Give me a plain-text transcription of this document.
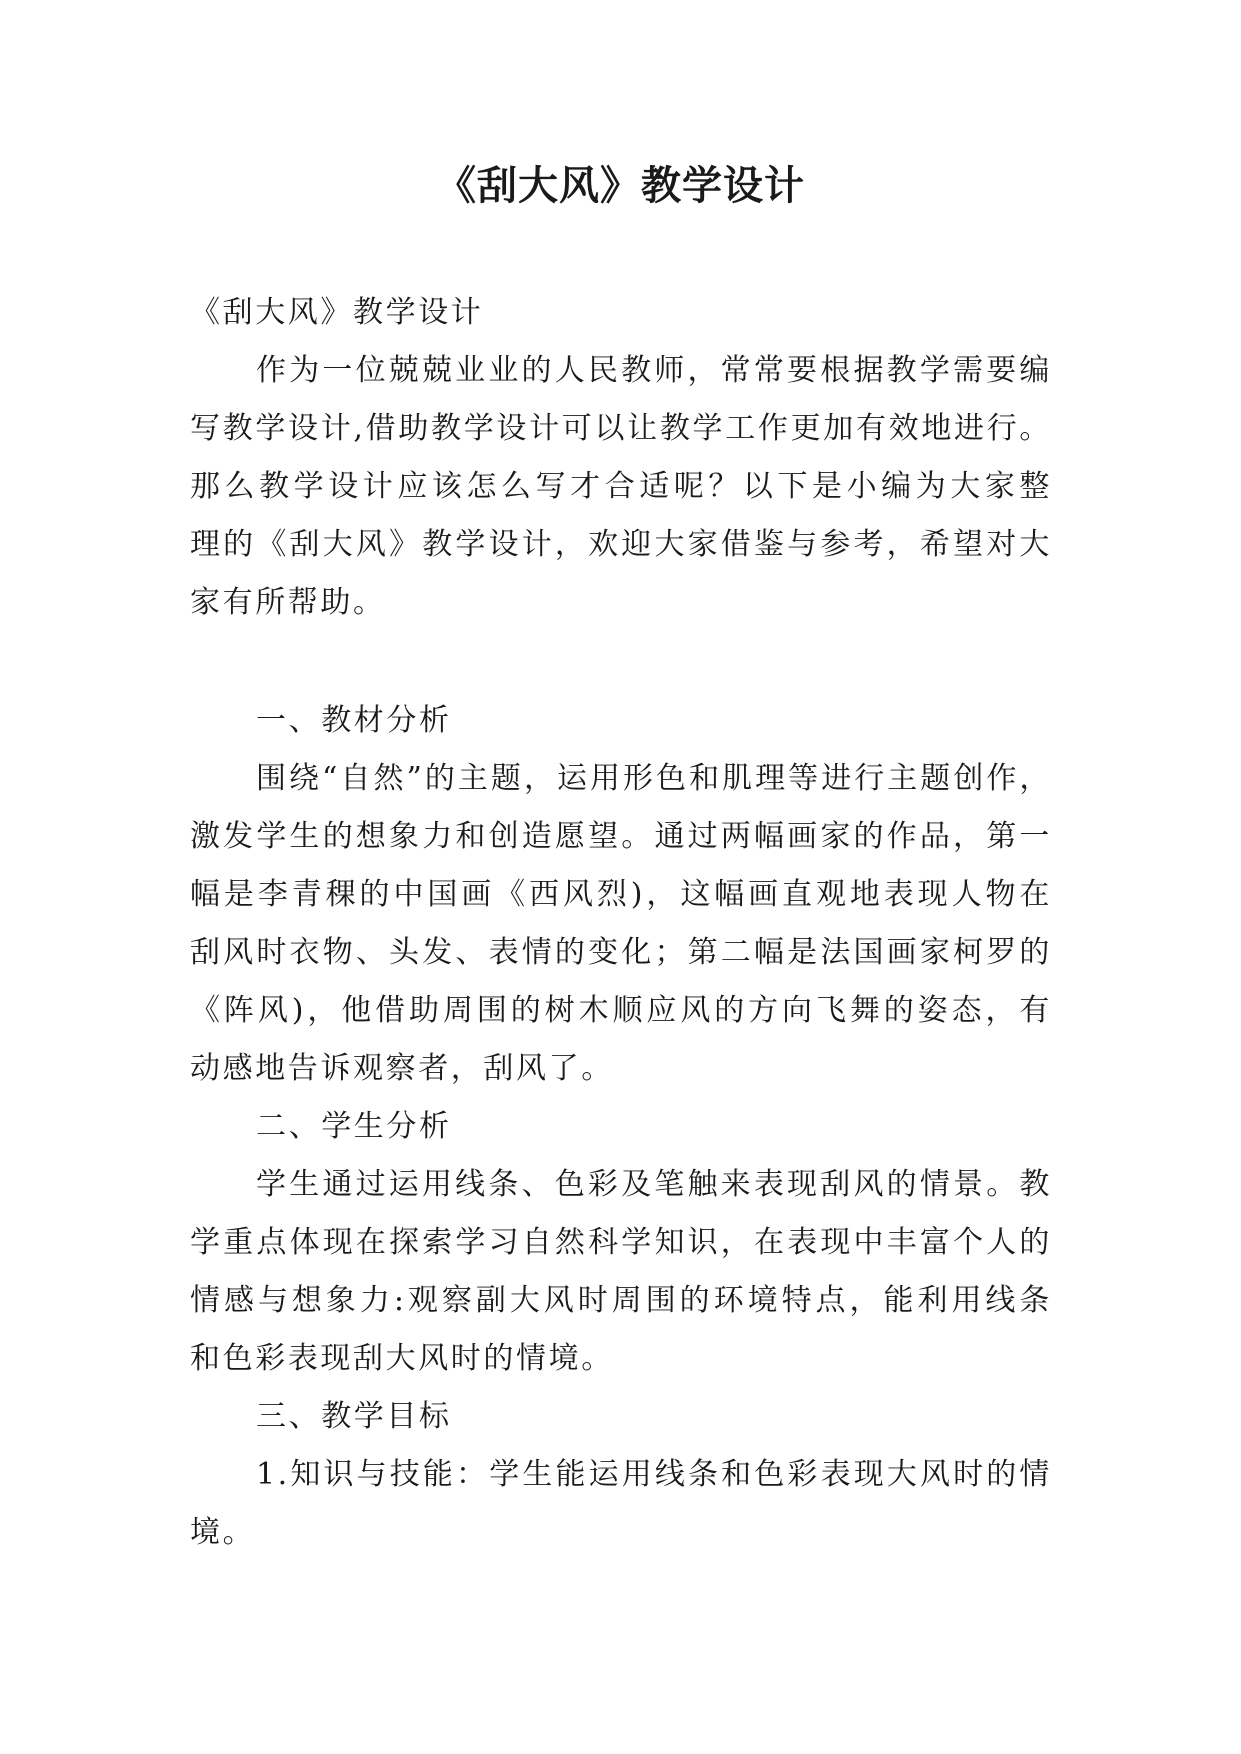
《刮大风》教学设计
《刮大风》教学设计
作为一位兢兢业业的人民教师，常常要根据教学需要编
写教学设计,借助教学设计可以让教学工作更加有效地进行。
那么教学设计应该怎么写才合适呢？以下是小编为大家整
理的《刮大风》教学设计，欢迎大家借鉴与参考，希望对大
家有所帮助。
一、教材分析
围绕“自然”的主题，运用形色和肌理等进行主题创作，
激发学生的想象力和创造愿望。通过两幅画家的作品，第一
幅是李青稞的中国画《西风烈)，这幅画直观地表现人物在
刮风时衣物、头发、表情的变化；第二幅是法国画家柯罗的
《阵风)，他借助周围的树木顺应风的方向飞舞的姿态，有
动感地告诉观察者，刮风了。
二、学生分析
学生通过运用线条、色彩及笔触来表现刮风的情景。教
学重点体现在探索学习自然科学知识，在表现中丰富个人的
情感与想象力:观察副大风时周围的环境特点，能利用线条
和色彩表现刮大风时的情境。
三、教学目标
1.知识与技能：学生能运用线条和色彩表现大风时的情
境。
